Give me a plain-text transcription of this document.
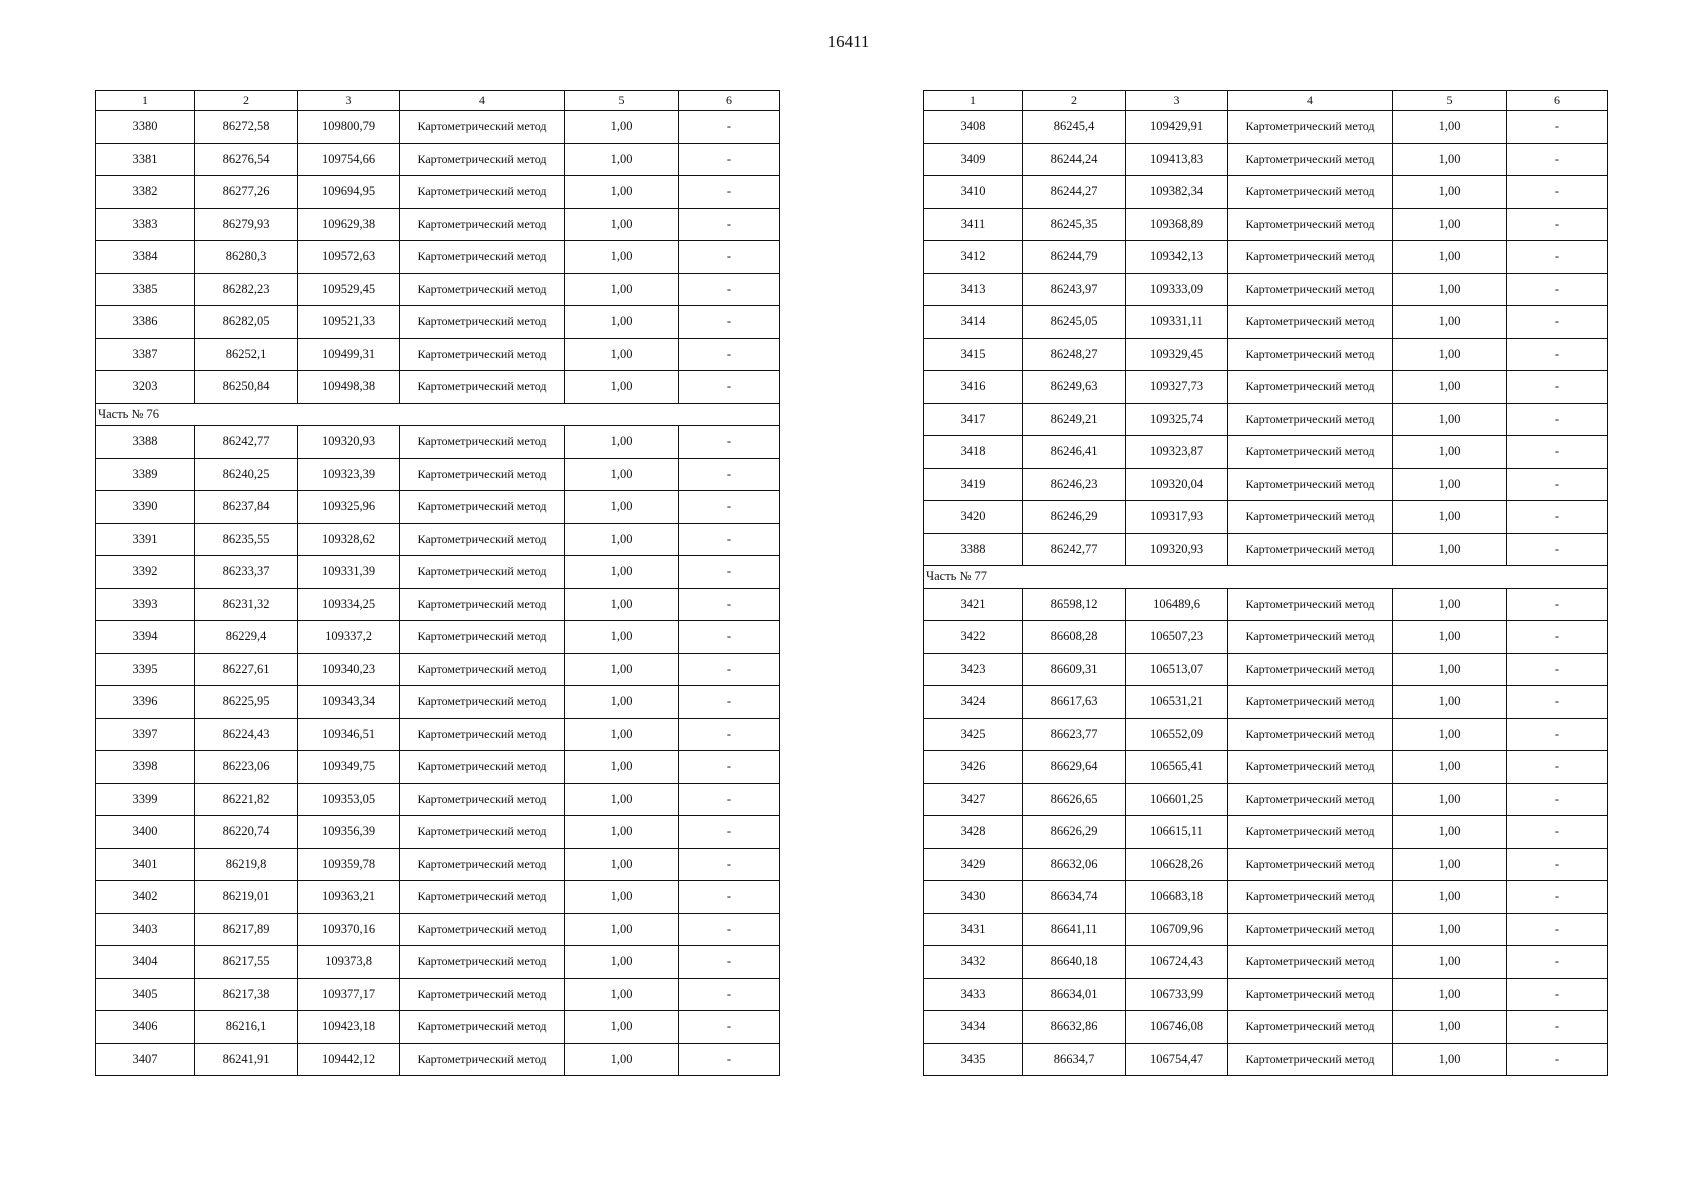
16411
1	2	3	4	5	6
3380	86272,58	109800,79	Картометрический метод	1,00	-
3381	86276,54	109754,66	Картометрический метод	1,00	-
3382	86277,26	109694,95	Картометрический метод	1,00	-
3383	86279,93	109629,38	Картометрический метод	1,00	-
3384	86280,3	109572,63	Картометрический метод	1,00	-
3385	86282,23	109529,45	Картометрический метод	1,00	-
3386	86282,05	109521,33	Картометрический метод	1,00	-
3387	86252,1	109499,31	Картометрический метод	1,00	-
3203	86250,84	109498,38	Картометрический метод	1,00	-
Часть № 76					
3388	86242,77	109320,93	Картометрический метод	1,00	-
3389	86240,25	109323,39	Картометрический метод	1,00	-
3390	86237,84	109325,96	Картометрический метод	1,00	-
3391	86235,55	109328,62	Картометрический метод	1,00	-
3392	86233,37	109331,39	Картометрический метод	1,00	-
3393	86231,32	109334,25	Картометрический метод	1,00	-
3394	86229,4	109337,2	Картометрический метод	1,00	-
3395	86227,61	109340,23	Картометрический метод	1,00	-
3396	86225,95	109343,34	Картометрический метод	1,00	-
3397	86224,43	109346,51	Картометрический метод	1,00	-
3398	86223,06	109349,75	Картометрический метод	1,00	-
3399	86221,82	109353,05	Картометрический метод	1,00	-
3400	86220,74	109356,39	Картометрический метод	1,00	-
3401	86219,8	109359,78	Картометрический метод	1,00	-
3402	86219,01	109363,21	Картометрический метод	1,00	-
3403	86217,89	109370,16	Картометрический метод	1,00	-
3404	86217,55	109373,8	Картометрический метод	1,00	-
3405	86217,38	109377,17	Картометрический метод	1,00	-
3406	86216,1	109423,18	Картометрический метод	1,00	-
3407	86241,91	109442,12	Картометрический метод	1,00	-
1	2	3	4	5	6
3408	86245,4	109429,91	Картометрический метод	1,00	-
3409	86244,24	109413,83	Картометрический метод	1,00	-
3410	86244,27	109382,34	Картометрический метод	1,00	-
3411	86245,35	109368,89	Картометрический метод	1,00	-
3412	86244,79	109342,13	Картометрический метод	1,00	-
3413	86243,97	109333,09	Картометрический метод	1,00	-
3414	86245,05	109331,11	Картометрический метод	1,00	-
3415	86248,27	109329,45	Картометрический метод	1,00	-
3416	86249,63	109327,73	Картометрический метод	1,00	-
3417	86249,21	109325,74	Картометрический метод	1,00	-
3418	86246,41	109323,87	Картометрический метод	1,00	-
3419	86246,23	109320,04	Картометрический метод	1,00	-
3420	86246,29	109317,93	Картометрический метод	1,00	-
3388	86242,77	109320,93	Картометрический метод	1,00	-
Часть № 77					
3421	86598,12	106489,6	Картометрический метод	1,00	-
3422	86608,28	106507,23	Картометрический метод	1,00	-
3423	86609,31	106513,07	Картометрический метод	1,00	-
3424	86617,63	106531,21	Картометрический метод	1,00	-
3425	86623,77	106552,09	Картометрический метод	1,00	-
3426	86629,64	106565,41	Картометрический метод	1,00	-
3427	86626,65	106601,25	Картометрический метод	1,00	-
3428	86626,29	106615,11	Картометрический метод	1,00	-
3429	86632,06	106628,26	Картометрический метод	1,00	-
3430	86634,74	106683,18	Картометрический метод	1,00	-
3431	86641,11	106709,96	Картометрический метод	1,00	-
3432	86640,18	106724,43	Картометрический метод	1,00	-
3433	86634,01	106733,99	Картометрический метод	1,00	-
3434	86632,86	106746,08	Картометрический метод	1,00	-
3435	86634,7	106754,47	Картометрический метод	1,00	-
